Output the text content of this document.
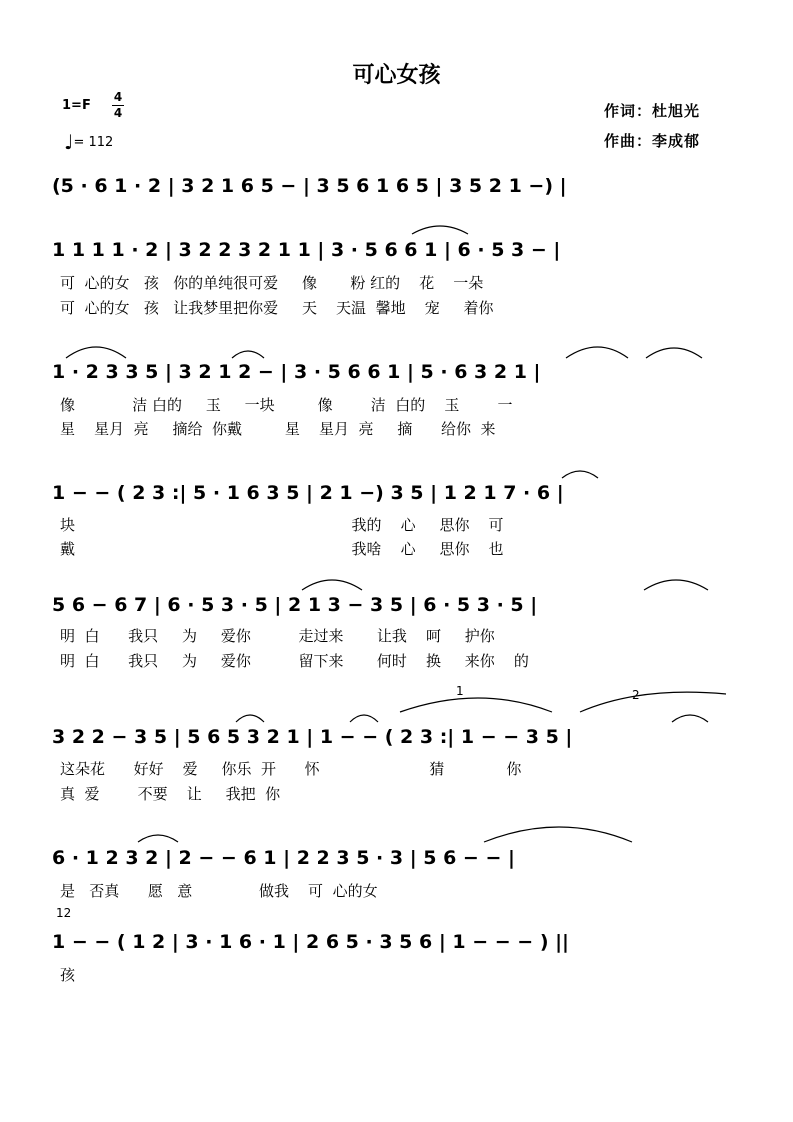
可心女孩
1=F
4
4
♩= 112
作词：杜旭光
作曲：李成郁
(5 · 6 1 · 2 | 3 2 1 6 5 − | 3 5 6 1 6 5 | 3 5 2 1 −) |
1 1 1 1 · 2 | 3 2 2 3 2 1 1 | 3 · 5 6 6 1 | 6 · 5 3 − |
可  心的女   孩   你的单纯很可爱     像       粉 红的    花    一朵
可  心的女   孩   让我梦里把你爱     天    天温  馨地    宠     着你
1 · 2 3 3 5 | 3 2 1 2 − | 3 · 5 6 6 1 | 5 · 6 3 2 1 |
像            洁 白的     玉     一块         像        洁  白的    玉        一
星    星月  亮     摘给  你戴         星    星月  亮     摘      给你  来
1 − − ( 2 3 :| 5 · 1 6 3 5 | 2 1 −) 3 5 | 1 2 1 7 · 6 |
块                                                          我的    心     思你    可
戴                                                          我啥    心     思你    也
5 6 − 6 7 | 6 · 5 3 · 5 | 2 1 3 − 3 5 | 6 · 5 3 · 5 |
明  白      我只     为     爱你          走过来       让我    呵     护你
明  白      我只     为     爱你          留下来       何时    换     来你    的
1	2
3 2 2 − 3 5 | 5 6 5 3 2 1 | 1 − − ( 2 3 :| 1 − − 3 5 |
这朵花      好好    爱     你乐  开      怀                       猜             你
真  爱        不要    让     我把  你
6 · 1 2 3 2 | 2 − − 6 1 | 2 2 3 5 · 3 | 5 6 − − |
是   否真      愿   意              做我    可  心的女
12
1 − − ( 1 2 | 3 · 1 6 · 1 | 2 6 5 · 3 5 6 | 1 − − − ) ||
孩
